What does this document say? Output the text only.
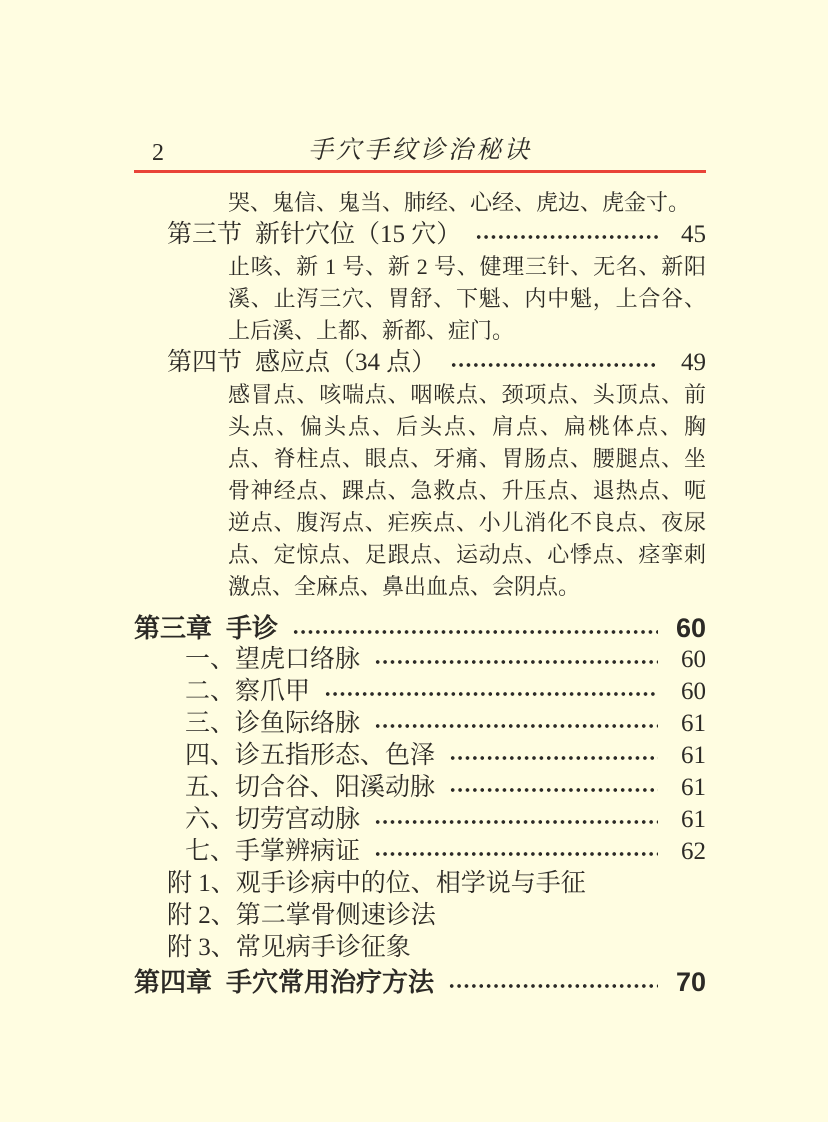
2	手穴手纹诊治秘诀

哭、鬼信、鬼当、肺经、心经、虎边、虎金寸。

第三节 新针穴位（15 穴）	45

止咳、新 1 号、新 2 号、健理三针、无名、新阳溪、止泻三穴、胃舒、下魁、内中魁，上合谷、上后溪、上都、新都、症门。

第四节 感应点（34 点）	49

感冒点、咳喘点、咽喉点、颈项点、头顶点、前头点、偏头点、后头点、肩点、扁桃体点、胸点、脊柱点、眼点、牙痛、胃肠点、腰腿点、坐骨神经点、踝点、急救点、升压点、退热点、呃逆点、腹泻点、疟疾点、小儿消化不良点、夜尿点、定惊点、足跟点、运动点、心悸点、痉挛刺激点、全麻点、鼻出血点、会阴点。

第三章 手诊	60
一、望虎口络脉	60
二、察爪甲	60
三、诊鱼际络脉	61
四、诊五指形态、色泽	61
五、切合谷、阳溪动脉	61
六、切劳宫动脉	61
七、手掌辨病证	62
附 1、观手诊病中的位、相学说与手征
附 2、第二掌骨侧速诊法
附 3、常见病手诊征象
第四章 手穴常用治疗方法	70
